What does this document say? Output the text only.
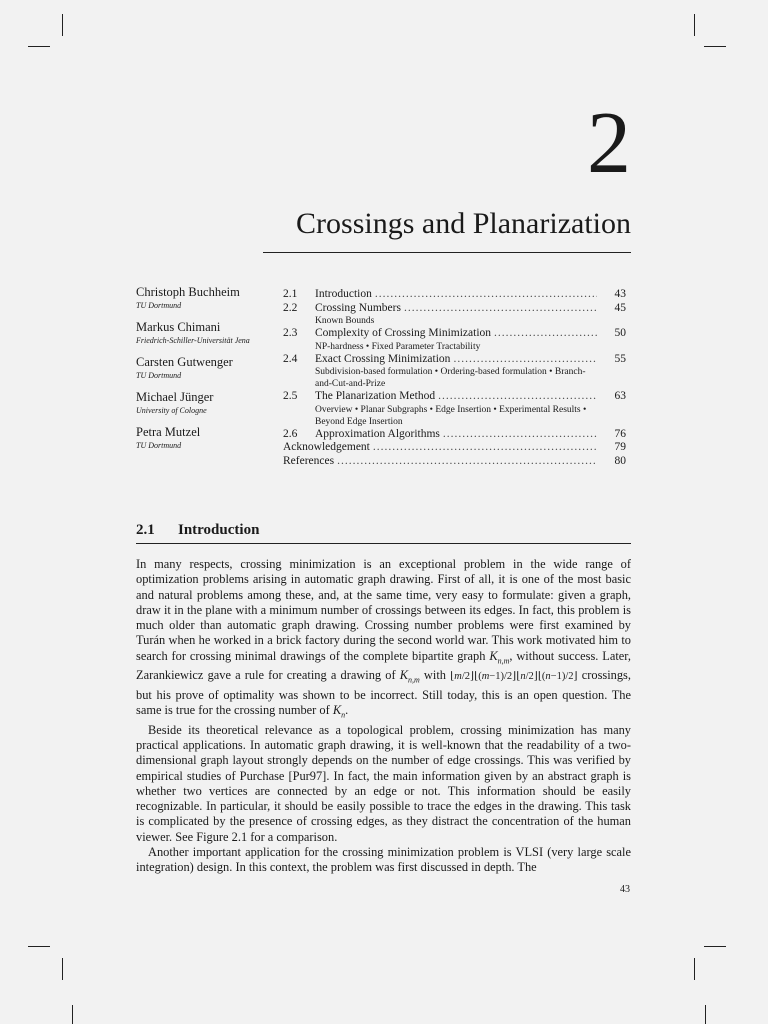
2
Crossings and Planarization
Christoph Buchheim
TU Dortmund
Markus Chimani
Friedrich-Schiller-Universität Jena
Carsten Gutwenger
TU Dortmund
Michael Jünger
University of Cologne
Petra Mutzel
TU Dortmund
2.1	Introduction .....	43
2.2	Crossing Numbers .....	45
Known Bounds
2.3	Complexity of Crossing Minimization .....	50
NP-hardness • Fixed Parameter Tractability
2.4	Exact Crossing Minimization .....	55
Subdivision-based formulation • Ordering-based formulation • Branch-and-Cut-and-Prize
2.5	The Planarization Method .....	63
Overview • Planar Subgraphs • Edge Insertion • Experimental Results • Beyond Edge Insertion
2.6	Approximation Algorithms .....	76
Acknowledgement .....	79
References .....	80
2.1 Introduction

In many respects, crossing minimization is an exceptional problem in the wide range of optimization problems arising in automatic graph drawing. First of all, it is one of the most basic and natural problems among these, and, at the same time, very easy to formulate: given a graph, draw it in the plane with a minimum number of crossings between its edges. In fact, this problem is much older than automatic graph drawing. Crossing number problems were first examined by Turán when he worked in a brick factory during the second world war. This work motivated him to search for crossing minimal drawings of the complete bipartite graph $K_{n,m}$, without success. Later, Zarankiewicz gave a rule for creating a drawing of $K_{n,m}$ with ⌊m/2⌋⌊(m−1)/2⌋⌊n/2⌋⌊(n−1)/2⌋ crossings, but his prove of optimality was shown to be incorrect. Still today, this is an open question. The same is true for the crossing number of $K_n$.

Beside its theoretical relevance as a topological problem, crossing minimization has many practical applications. In automatic graph drawing, it is well-known that the readability of a two-dimensional graph layout strongly depends on the number of edge crossings. This was verified by empirical studies of Purchase [Pur97]. In fact, the main information given by an abstract graph is whether two vertices are connected by an edge or not. This information should be easily recognizable. In particular, it should be easily possible to trace the edges in the drawing. This task is complicated by the presence of crossing edges, as they distract the concentration of the human viewer. See Figure 2.1 for a comparison.

Another important application for the crossing minimization problem is VLSI (very large scale integration) design. In this context, the problem was first discussed in depth. The

43
